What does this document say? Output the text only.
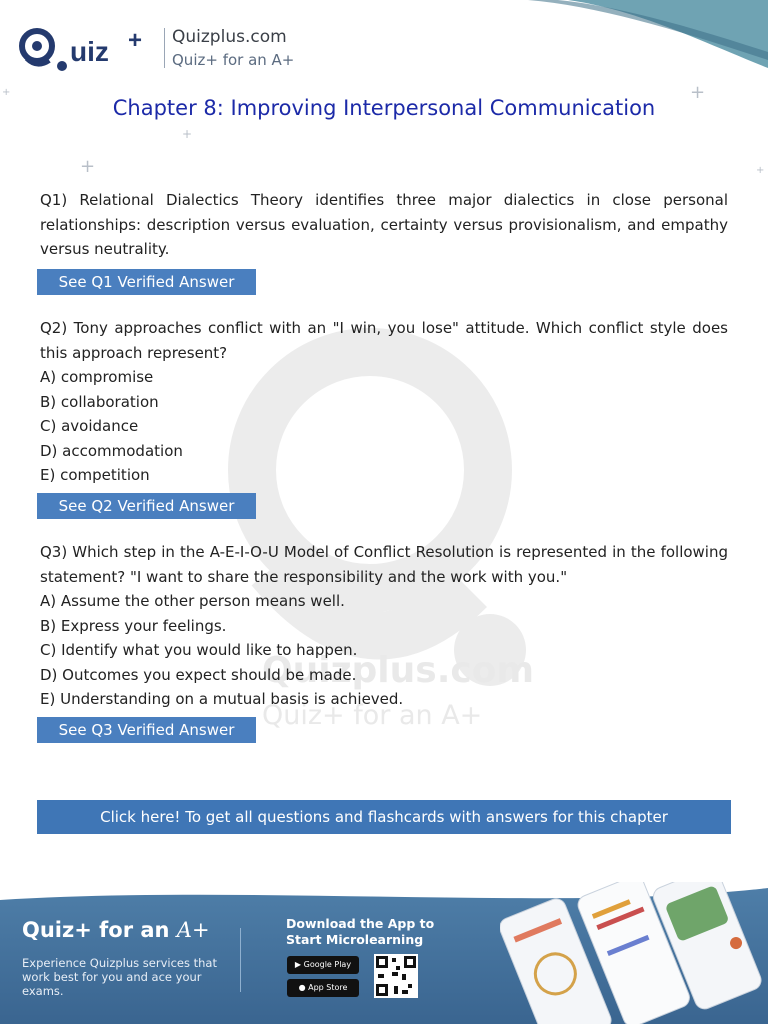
+
+
+
+
+
uiz + Quizplus.com
Quiz+ for an A+
Chapter 8: Improving Interpersonal Communication
Quizplus.com
Quiz+ for an A+

Q1) Relational Dialectics Theory identifies three major dialectics in close personal relationships: description versus evaluation, certainty versus provisionalism, and empathy versus neutrality.

See Q1 Verified Answer

Q2) Tony approaches conflict with an "I win, you lose" attitude. Which conflict style does this approach represent?

A) compromise
B) collaboration
C) avoidance
D) accommodation
E) competition
See Q2 Verified Answer

Q3) Which step in the A-E-I-O-U Model of Conflict Resolution is represented in the following statement? "I want to share the responsibility and the work with you."

A) Assume the other person means well.
B) Express your feelings.
C) Identify what you would like to happen.
D) Outcomes you expect should be made.
E) Understanding on a mutual basis is achieved.
See Q3 Verified Answer
Click here! To get all questions and flashcards with answers for this chapter
Quiz+ for an A+
Experience Quizplus services that work best for you and ace your exams.
Download the App to Start Microlearning
▶ Google Play
● App Store
